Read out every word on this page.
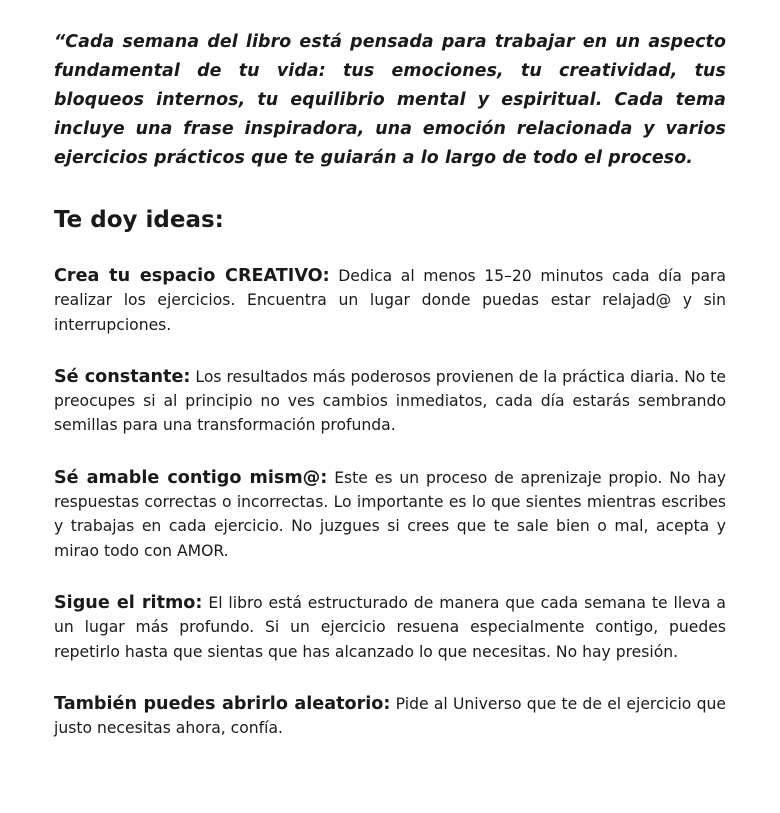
“Cada semana del libro está pensada para trabajar en un aspecto fundamental de tu vida: tus emociones, tu creatividad, tus bloqueos internos, tu equilibrio mental y espiritual. Cada tema incluye una frase inspiradora, una emoción relacionada y varios ejercicios prácticos que te guiarán a lo largo de todo el proceso.

Te doy ideas:

Crea tu espacio CREATIVO: Dedica al menos 15–20 minutos cada día para realizar los ejercicios. Encuentra un lugar donde puedas estar relajad@ y sin interrupciones.

Sé constante: Los resultados más poderosos provienen de la práctica diaria. No te preocupes si al principio no ves cambios inmediatos, cada día estarás sembrando semillas para una transformación profunda.

Sé amable contigo mism@: Este es un proceso de aprenizaje propio. No hay respuestas correctas o incorrectas. Lo importante es lo que sientes mientras escribes y trabajas en cada ejercicio. No juzgues si crees que te sale bien o mal, acepta y mirao todo con AMOR.

Sigue el ritmo: El libro está estructurado de manera que cada semana te lleva a un lugar más profundo. Si un ejercicio resuena especialmente contigo, puedes repetirlo hasta que sientas que has alcanzado lo que necesitas. No hay presión.

También puedes abrirlo aleatorio: Pide al Universo que te de el ejercicio que justo necesitas ahora, confía.
